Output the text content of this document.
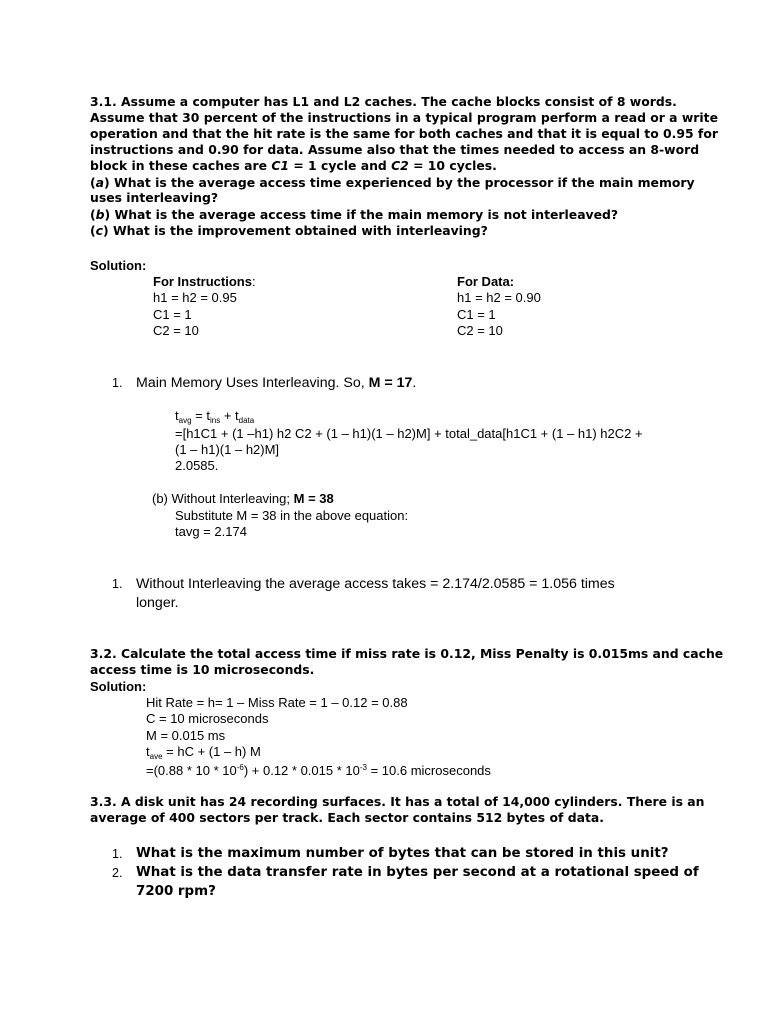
3.1. Assume a computer has L1 and L2 caches. The cache blocks consist of 8 words.
Assume that 30 percent of the instructions in a typical program perform a read or a write
operation and that the hit rate is the same for both caches and that it is equal to 0.95 for
instructions and 0.90 for data. Assume also that the times needed to access an 8-word
block in these caches are C1 = 1 cycle and C2 = 10 cycles.
(a) What is the average access time experienced by the processor if the main memory
uses interleaving?
(b) What is the average access time if the main memory is not interleaved?
(c) What is the improvement obtained with interleaving?
Solution:
For Instructions:
h1 = h2 = 0.95
C1 = 1
C2 = 10
For Data:
h1 = h2 = 0.90
C1 = 1
C2 = 10
1. Main Memory Uses Interleaving. So, M = 17.
$t_{avg} = t_{ins} + t_{data}$
=[h1C1 + (1 –h1) h2 C2 + (1 – h1)(1 – h2)M] + total_data[h1C1 + (1 – h1) h2C2 +
(1 – h1)(1 – h2)M]
2.0585.
(b) Without Interleaving; M = 38
Substitute M = 38 in the above equation:
tavg = 2.174
1. Without Interleaving the average access takes = 2.174/2.0585 = 1.056 times
longer.
3.2. Calculate the total access time if miss rate is 0.12, Miss Penalty is 0.015ms and cache
access time is 10 microseconds.
Solution:
Hit Rate = h= 1 – Miss Rate = 1 – 0.12 = 0.88
C = 10 microseconds
M = 0.015 ms
$t_{ave}$ = hC + (1 – h) M
$=(0.88 * 10 * 10^{-6}) + 0.12 * 0.015 * 10^{-3} = 10.6$ microseconds
3.3. A disk unit has 24 recording surfaces. It has a total of 14,000 cylinders. There is an
average of 400 sectors per track. Each sector contains 512 bytes of data.
1. What is the maximum number of bytes that can be stored in this unit?
2. What is the data transfer rate in bytes per second at a rotational speed of
7200 rpm?
